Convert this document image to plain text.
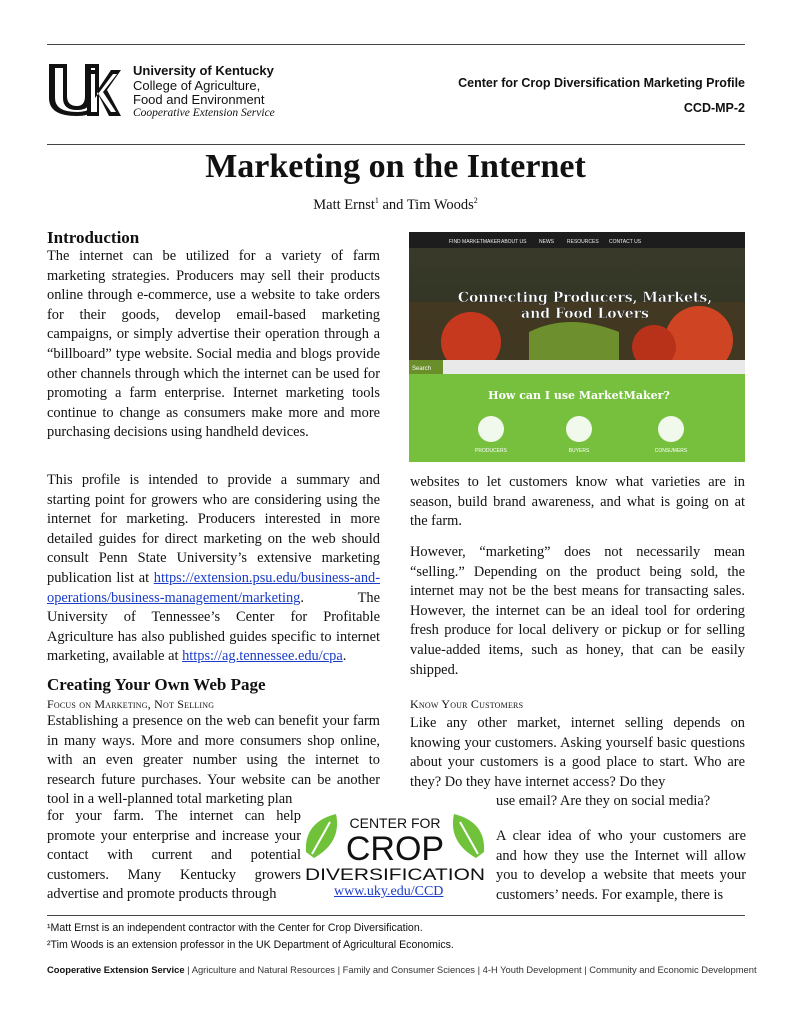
University of Kentucky
College of Agriculture,
Food and Environment
Cooperative Extension Service
Center for Crop Diversification Marketing Profile
CCD-MP-2
Marketing on the Internet
Matt Ernst$^1$ and Tim Woods$^2$
Introduction
The internet can be utilized for a variety of farm marketing strategies. Producers may sell their products online through e-commerce, use a website to take orders for their goods, develop email-based marketing campaigns, or simply advertise their operation through a “billboard” type website. Social media and blogs provide other channels through which the internet can be used for promoting a farm enterprise. Internet marketing tools continue to change as consumers make more and more purchasing decisions using handheld devices.
This profile is intended to provide a summary and starting point for growers who are considering using the internet for marketing. Producers interested in more detailed guides for direct marketing on the web should consult Penn State University’s extensive marketing publication list at https://extension.psu.edu/business-and-operations/business-management/marketing. The University of Tennessee’s Center for Profitable Agriculture has also published guides specific to internet marketing, available at https://ag.tennessee.edu/cpa.
Creating Your Own Web Page
Focus on Marketing, Not Selling
Establishing a presence on the web can benefit your farm in many ways. More and more consumers shop online, with an even greater number using the internet to research future purchases. Your website can be another tool in a well-planned total marketing plan
for your farm. The internet can help promote your enterprise and increase your contact with current and potential customers. Many Kentucky growers advertise and promote products through
FIND MARKETMAKER ABOUT US	NEWS	RESOURCES CONTACT US
Search
PRODUCERS	BUYERS	CONSUMERS
Connecting Producers, Markets,
and Food Lovers
How can I use MarketMaker?
websites to let customers know what varieties are in season, build brand awareness, and what is going on at the farm.
However, “marketing” does not necessarily mean “selling.” Depending on the product being sold, the internet may not be the best means for transacting sales. However, the internet can be an ideal tool for ordering fresh produce for local delivery or pickup or for selling value-added items, such as honey, that can be easily shipped.
Know Your Customers
Like any other market, internet selling depends on knowing your customers. Asking yourself basic questions about your customers is a good place to start. Who are they? Do they have internet access? Do they
use email? Are they on social media?
A clear idea of who your customers are and how they use the Internet will allow you to develop a website that meets your customers’ needs. For example, there is
CENTER FOR
CROP
DIVERSIFICATION
www.uky.edu/CCD
¹Matt Ernst is an independent contractor with the Center for Crop Diversification.
²Tim Woods is an extension professor in the UK Department of Agricultural Economics.
Cooperative Extension Service | Agriculture and Natural Resources | Family and Consumer Sciences | 4-H Youth Development | Community and Economic Development
